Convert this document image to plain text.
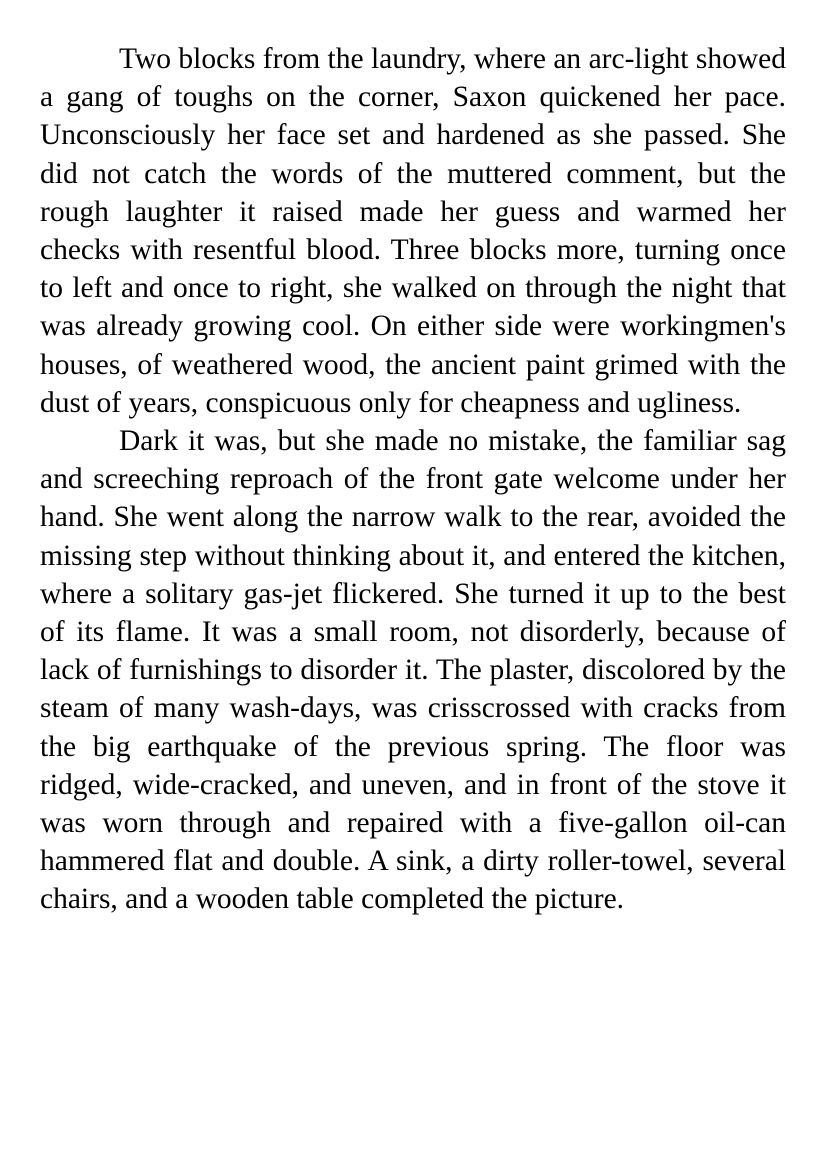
Two blocks from the laundry, where an arc-light showed a gang of toughs on the corner, Saxon quickened her pace. Unconsciously her face set and hardened as she passed. She did not catch the words of the muttered comment, but the rough laughter it raised made her guess and warmed her checks with resentful blood. Three blocks more, turning once to left and once to right, she walked on through the night that was already growing cool. On either side were workingmen's houses, of weathered wood, the ancient paint grimed with the dust of years, conspicuous only for cheapness and ugliness.

Dark it was, but she made no mistake, the familiar sag and screeching reproach of the front gate welcome under her hand. She went along the narrow walk to the rear, avoided the missing step without thinking about it, and entered the kitchen, where a solitary gas-jet flickered. She turned it up to the best of its flame. It was a small room, not disorderly, because of lack of furnishings to disorder it. The plaster, discolored by the steam of many wash-days, was crisscrossed with cracks from the big earthquake of the previous spring. The floor was ridged, wide-cracked, and uneven, and in front of the stove it was worn through and repaired with a five-gallon oil-can hammered flat and double. A sink, a dirty roller-towel, several chairs, and a wooden table completed the picture.
